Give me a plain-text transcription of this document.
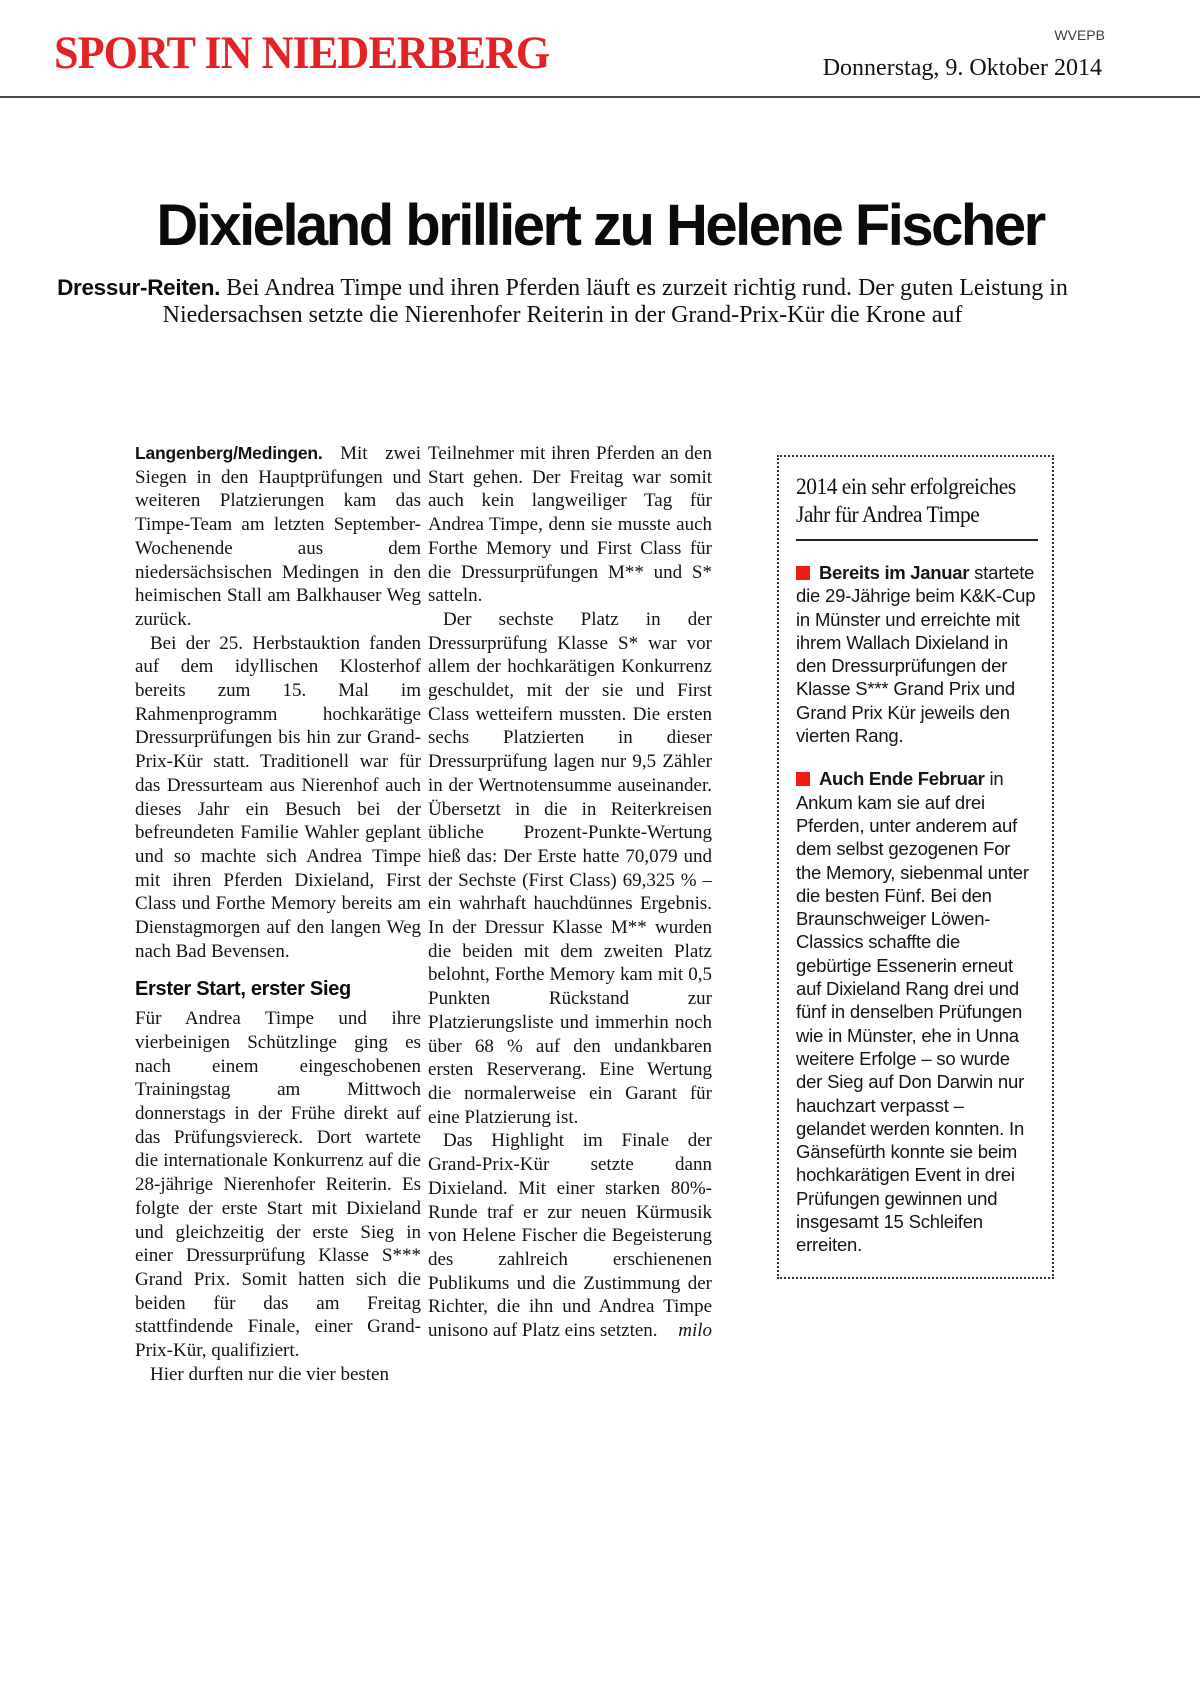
SPORT IN NIEDERBERG	WVEPB
Donnerstag, 9. Oktober 2014
Dixieland brilliert zu Helene Fischer
Dressur-Reiten. Bei Andrea Timpe und ihren Pferden läuft es zurzeit richtig rund. Der guten Leistung in Niedersachsen setzte die Nierenhofer Reiterin in der Grand-Prix-Kür die Krone auf

Langenberg/Medingen. Mit zwei Siegen in den Hauptprüfungen und weiteren Platzierungen kam das Timpe-Team am letzten September-Wochenende aus dem niedersächsischen Medingen in den heimischen Stall am Balkhauser Weg zurück.

Bei der 25. Herbstauktion fanden auf dem idyllischen Klosterhof bereits zum 15. Mal im Rahmenprogramm hochkarätige Dressurprüfungen bis hin zur Grand-Prix-Kür statt. Traditionell war für das Dressurteam aus Nierenhof auch dieses Jahr ein Besuch bei der befreundeten Familie Wahler geplant und so machte sich Andrea Timpe mit ihren Pferden Dixieland, First Class und Forthe Memory bereits am Dienstagmorgen auf den langen Weg nach Bad Bevensen.

Erster Start, erster Sieg

Für Andrea Timpe und ihre vierbeinigen Schützlinge ging es nach einem eingeschobenen Trainingstag am Mittwoch donnerstags in der Frühe direkt auf das Prüfungsviereck. Dort wartete die internationale Konkurrenz auf die 28-jährige Nierenhofer Reiterin. Es folgte der erste Start mit Dixieland und gleichzeitig der erste Sieg in einer Dressurprüfung Klasse S*** Grand Prix. Somit hatten sich die beiden für das am Freitag stattfindende Finale, einer Grand-Prix-Kür, qualifiziert.

Hier durften nur die vier besten

Teilnehmer mit ihren Pferden an den Start gehen. Der Freitag war somit auch kein langweiliger Tag für Andrea Timpe, denn sie musste auch Forthe Memory und First Class für die Dressurprüfungen M** und S* satteln.

Der sechste Platz in der Dressurprüfung Klasse S* war vor allem der hochkarätigen Konkurrenz geschuldet, mit der sie und First Class wetteifern mussten. Die ersten sechs Platzierten in dieser Dressurprüfung lagen nur 9,5 Zähler in der Wertnotensumme auseinander. Übersetzt in die in Reiterkreisen übliche Prozent-Punkte-Wertung hieß das: Der Erste hatte 70,079 und der Sechste (First Class) 69,325 % – ein wahrhaft hauchdünnes Ergebnis. In der Dressur Klasse M** wurden die beiden mit dem zweiten Platz belohnt, Forthe Memory kam mit 0,5 Punkten Rückstand zur Platzierungsliste und immerhin noch über 68 % auf den undankbaren ersten Reserverang. Eine Wertung die normalerweise ein Garant für eine Platzierung ist.

Das Highlight im Finale der Grand-Prix-Kür setzte dann Dixieland. Mit einer starken 80%-Runde traf er zur neuen Kürmusik von Helene Fischer die Begeisterung des zahlreich erschienenen Publikums und die Zustimmung der Richter, die ihn und Andrea Timpe unisono auf Platz eins setzten.	milo

2014 ein sehr erfolgreiches
Jahr für Andrea Timpe
Bereits im Januar startete die 29-Jährige beim K&K-Cup in Münster und erreichte mit ihrem Wallach Dixieland in den Dressurprüfungen der Klasse S*** Grand Prix und Grand Prix Kür jeweils den vierten Rang.
Auch Ende Februar in Ankum kam sie auf drei Pferden, unter anderem auf dem selbst gezogenen For the Memory, siebenmal unter die besten Fünf. Bei den Braunschweiger Löwen-Classics schaffte die gebürtige Essenerin erneut auf Dixieland Rang drei und fünf in denselben Prüfungen wie in Münster, ehe in Unna weitere Erfolge – so wurde der Sieg auf Don Darwin nur hauchzart verpasst – gelandet werden konnten. In Gänsefürth konnte sie beim hochkarätigen Event in drei Prüfungen gewinnen und insgesamt 15 Schleifen erreiten.
